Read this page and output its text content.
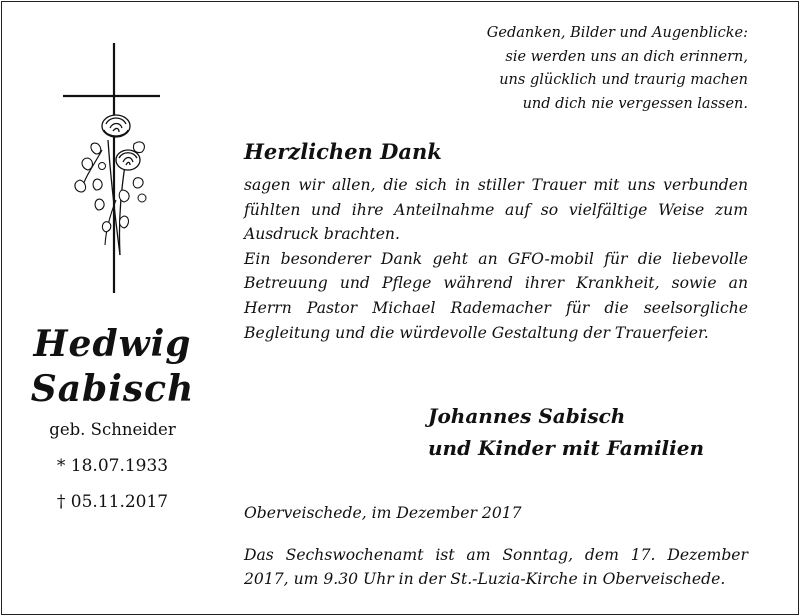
Gedanken, Bilder und Augenblicke:
sie werden uns an dich erinnern,
uns glücklich und traurig machen
und dich nie vergessen lassen.
Hedwig
Sabisch
geb. Schneider
* 18.07.1933
† 05.11.2017
Herzlichen Dank

sagen wir allen, die sich in stiller Trauer mit uns verbunden fühlten und ihre Anteilnahme auf so vielfältige Weise zum Ausdruck brachten.

Ein besonderer Dank geht an GFO-mobil für die liebevolle Betreuung und Pflege während ihrer Krankheit, sowie an Herrn Pastor Michael Rademacher für die seelsorgliche Begleitung und die würdevolle Gestaltung der Trauerfeier.

Johannes Sabisch
und Kinder mit Familien
Oberveischede, im Dezember 2017
Das Sechswochenamt ist am Sonntag, dem 17. Dezember 2017, um 9.30 Uhr in der St.-Luzia-Kirche in Oberveischede.
